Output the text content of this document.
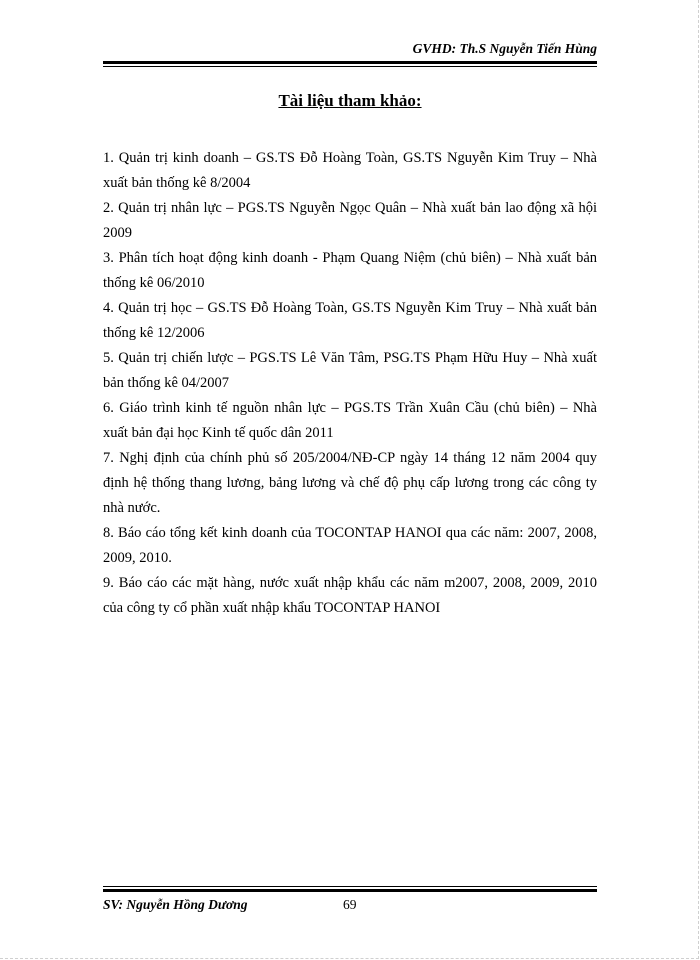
GVHD: Th.S Nguyễn Tiến Hùng
Tài liệu tham khảo:
1. Quản trị kinh doanh – GS.TS Đỗ Hoàng Toàn, GS.TS Nguyễn Kim Truy – Nhà xuất bản thống kê 8/2004
2. Quản trị nhân lực – PGS.TS Nguyễn Ngọc Quân – Nhà xuất bản lao động xã hội 2009
3. Phân tích hoạt động kinh doanh - Phạm Quang Niệm (chủ biên) – Nhà xuất bản thống kê 06/2010
4. Quản trị học – GS.TS Đỗ Hoàng Toàn, GS.TS Nguyễn Kim Truy – Nhà xuất bản thống kê 12/2006
5. Quản trị chiến lược – PGS.TS Lê Văn Tâm, PSG.TS Phạm Hữu Huy – Nhà xuất bản thống kê 04/2007
6. Giáo trình kinh tế nguồn nhân lực – PGS.TS Trần Xuân Cầu (chủ biên) – Nhà xuất bản đại học Kinh tế quốc dân 2011
7. Nghị định của chính phủ số 205/2004/NĐ-CP ngày 14 tháng 12 năm 2004 quy định hệ thống thang lương, bảng lương và chế độ phụ cấp lương trong các công ty nhà nước.
8. Báo cáo tổng kết kinh doanh của TOCONTAP HANOI qua các năm: 2007, 2008, 2009, 2010.
9. Báo cáo các mặt hàng, nước xuất nhập khẩu các năm m2007, 2008, 2009, 2010 của công ty cổ phần xuất nhập khẩu TOCONTAP HANOI
SV: Nguyễn Hồng Dương	69
